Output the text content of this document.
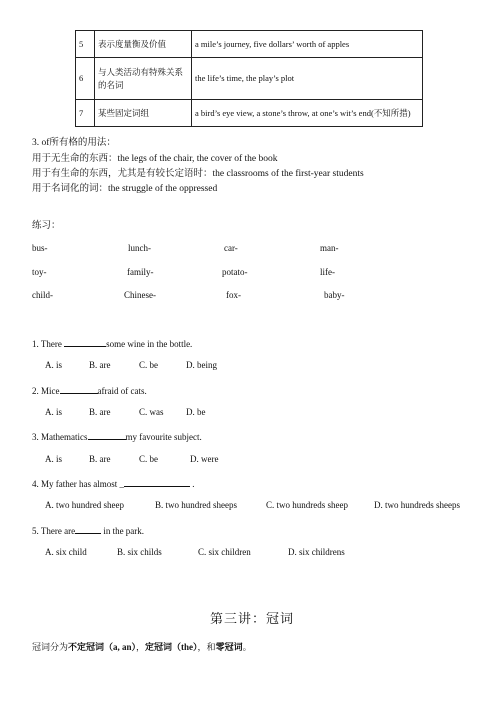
5	表示度量衡及价值	a mile’s journey, five dollars’ worth of apples
6	与人类活动有特殊关系的名词	the life’s time, the play’s plot
7	某些固定词组	a bird’s eye view, a stone’s throw, at one’s wit’s end(不知所措)
3. of所有格的用法：
用于无生命的东西：the legs of the chair, the cover of the book
用于有生命的东西，尤其是有较长定语时：the classrooms of the first-year students
用于名词化的词：the struggle of the oppressed
练习：
bus-	lunch-	car-	man-
toy-	family-	potato-	life-
child-	Chinese-	fox-	baby-
1. There	some wine in the bottle.
A. is	B. are	C. be	D. being
2. Mice	afraid of cats.
A. is	B. are	C. was	D. be
3. Mathematics	my favourite subject.
A. is	B. are	C. be	D. were
4. My father has almost _	.
A. two hundred sheep	B. two hundred sheeps	C. two hundreds sheep	D. two hundreds sheeps
5. There are	in the park.
A. six child	B. six childs	C. six children	D. six childrens
第三讲：冠词
冠词分为不定冠词（a, an），定冠词（the），和零冠词。
